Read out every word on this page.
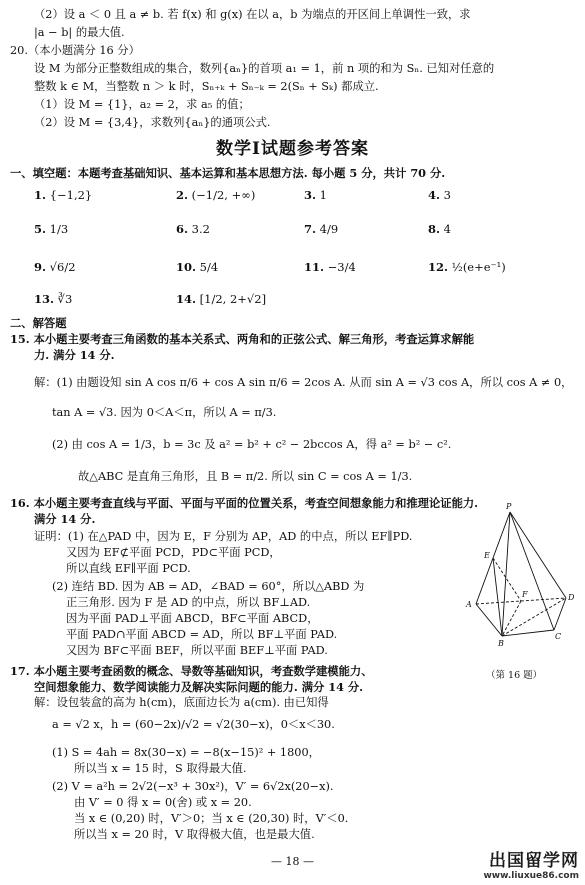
（2）设 a ＜ 0 且 a ≠ b. 若 f(x) 和 g(x) 在以 a，b 为端点的开区间上单调性一致，求
|a − b| 的最大值.
20.（本小题满分 16 分）
设 M 为部分正整数组成的集合，数列{aₙ}的首项 a₁ = 1，前 n 项的和为 Sₙ. 已知对任意的
整数 k ∈ M，当整数 n ＞ k 时，Sₙ₊ₖ + Sₙ₋ₖ = 2(Sₙ + Sₖ) 都成立.
（1）设 M = {1}，a₂ = 2，求 a₅ 的值；
（2）设 M = {3,4}，求数列{aₙ}的通项公式.
数学Ⅰ试题参考答案
一、填空题：本题考查基础知识、基本运算和基本思想方法. 每小题 5 分，共计 70 分.
1. {−1,2}	2. (−1/2, +∞)	3. 1	4. 3
5. 1/3	6. 3.2	7. 4/9	8. 4
9. √6/2	10. 5/4	11. −3/4	12. ½(e+e⁻¹)
13. ∛3	14. [1/2, 2+√2]
二、解答题
15. 本小题主要考查三角函数的基本关系式、两角和的正弦公式、解三角形，考查运算求解能
力. 满分 14 分.
解：(1) 由题设知 sin A cos π/6 + cos A sin π/6 = 2cos A. 从而 sin A = √3 cos A，所以 cos A ≠ 0，
tan A = √3. 因为 0＜A＜π，所以 A = π/3.
(2) 由 cos A = 1/3，b = 3c 及 a² = b² + c² − 2bccos A，得 a² = b² − c².
故△ABC 是直角三角形，且 B = π/2. 所以 sin C = cos A = 1/3.
16. 本小题主要考查直线与平面、平面与平面的位置关系，考查空间想象能力和推理论证能力.
满分 14 分.
证明：(1) 在△PAD 中，因为 E，F 分别为 AP，AD 的中点，所以 EF∥PD.
又因为 EF⊄平面 PCD，PD⊂平面 PCD，
所以直线 EF∥平面 PCD.
(2) 连结 BD. 因为 AB = AD，∠BAD = 60°，所以△ABD 为
正三角形. 因为 F 是 AD 的中点，所以 BF⊥AD.
因为平面 PAD⊥平面 ABCD，BF⊂平面 ABCD，
平面 PAD∩平面 ABCD = AD，所以 BF⊥平面 PAD.
又因为 BF⊂平面 BEF，所以平面 BEF⊥平面 PAD.
P
E
F
A
B
C
D
（第 16 题）
17. 本小题主要考查函数的概念、导数等基础知识，考查数学建模能力、
空间想象能力、数学阅读能力及解决实际问题的能力. 满分 14 分.
解：设包装盒的高为 h(cm)，底面边长为 a(cm). 由已知得
a = √2 x，h = (60−2x)/√2 = √2(30−x)，0＜x＜30.
(1) S = 4ah = 8x(30−x) = −8(x−15)² + 1800，
所以当 x = 15 时，S 取得最大值.
(2) V = a²h = 2√2(−x³ + 30x²)，V′ = 6√2x(20−x).
由 V′ = 0 得 x = 0(舍) 或 x = 20.
当 x ∈ (0,20) 时，V′＞0；当 x ∈ (20,30) 时，V′＜0.
所以当 x = 20 时，V 取得极大值，也是最大值.
— 18 —	出国留学网
www.liuxue86.com
